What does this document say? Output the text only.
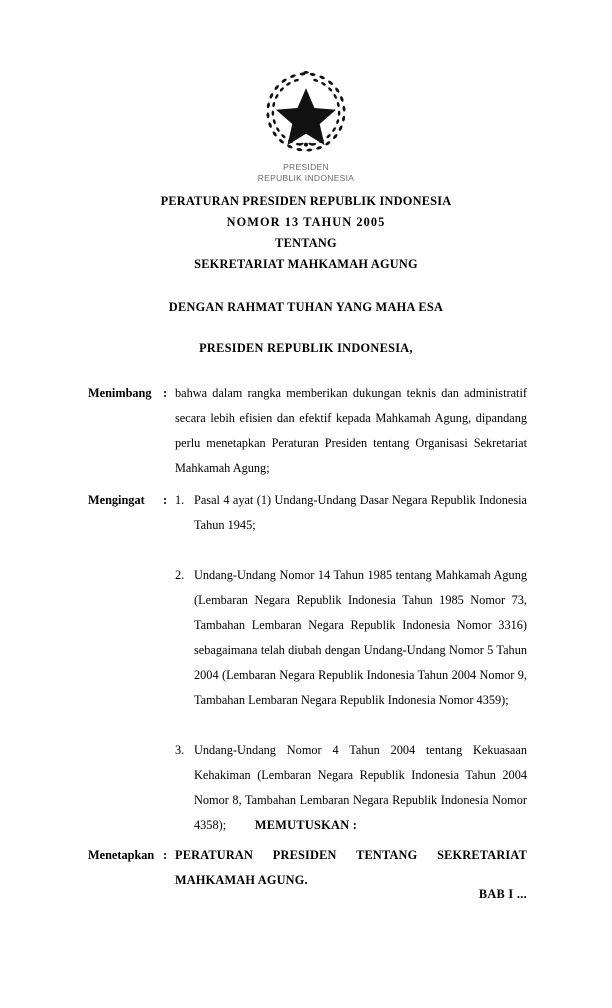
PRESIDEN
REPUBLIK INDONESIA
PERATURAN PRESIDEN REPUBLIK INDONESIA
NOMOR 13 TAHUN 2005
TENTANG
SEKRETARIAT MAHKAMAH AGUNG
DENGAN RAHMAT TUHAN YANG MAHA ESA
PRESIDEN REPUBLIK INDONESIA,
Menimbang : bahwa dalam rangka memberikan dukungan teknis dan administratif secara lebih efisien dan efektif kepada Mahkamah Agung, dipandang perlu menetapkan Peraturan Presiden tentang Organisasi Sekretariat Mahkamah Agung;

Mengingat	: 1. Pasal 4 ayat (1) Undang-Undang Dasar Negara Republik Indonesia Tahun 1945;
2. Undang-Undang Nomor 14 Tahun 1985 tentang Mahkamah Agung (Lembaran Negara Republik Indonesia Tahun 1985 Nomor 73, Tambahan Lembaran Negara Republik Indonesia Nomor 3316) sebagaimana telah diubah dengan Undang-Undang Nomor 5 Tahun 2004 (Lembaran Negara Republik Indonesia Tahun 2004 Nomor 9, Tambahan Lembaran Negara Republik Indonesia Nomor 4359);
3. Undang-Undang Nomor 4 Tahun 2004 tentang Kekuasaan Kehakiman (Lembaran Negara Republik Indonesia Tahun 2004 Nomor 8, Tambahan Lembaran Negara Republik Indonesia Nomor 4358);	MEMUTUSKAN :
Menetapkan : PERATURAN PRESIDEN TENTANG SEKRETARIAT MAHKAMAH AGUNG.
BAB I ...
